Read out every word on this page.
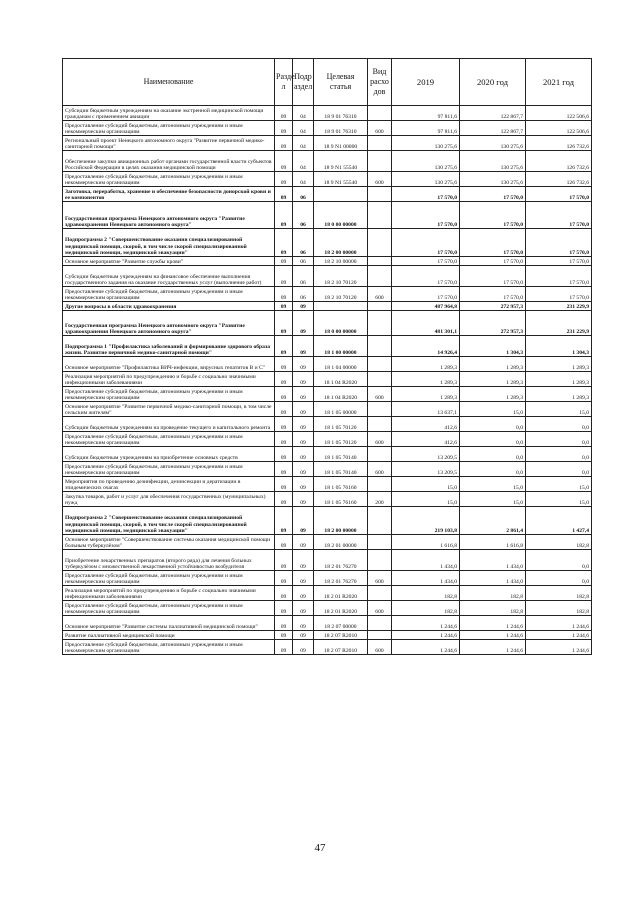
Наименование	Разде л	Подр аздел	Целевая статья	Вид расхо дов	2019	2020 год	2021 год
Субсидии бюджетным учреждениям на оказание экстренной медицинской помощи гражданам с применением авиации	09	04	18 9 01 76310		97 811,6	122 867,7	122 506,6
Предоставление субсидий бюджетным, автономным учреждениям и иным некоммерческим организациям	09	04	18 9 01 76310	600	97 811,6	122 867,7	122 506,6
Региональный проект Ненецкого автономного округа "Развитие первичной медико-санитарной помощи"	09	04	18 9 N1 00000		130 275,6	130 275,6	126 732,6
Обеспечение закупки авиационных работ органами государственной власти субъектов Российской Федерации в целях оказания медицинской помощи	09	04	18 9 N1 55540		130 275,6	130 275,6	126 732,6
Предоставление субсидий бюджетным, автономным учреждениям и иным некоммерческим организациям	09	04	18 9 N1 55540	600	130 275,6	130 275,6	126 732,6
Заготовка, переработка, хранение и обеспечение безопасности донорской крови и ее компонентов	09	06			17 570,0	17 570,0	17 570,0
Государственная программа Ненецкого автономного округа "Развитие здравоохранения Ненецкого автономного округа"	09	06	18 0 00 00000		17 570,0	17 570,0	17 570,0
Подпрограмма 2 "Совершенствование оказания специализированной медицинской помощи, скорой, в том числе скорой специализированной медицинской помощи, медицинской эвакуации"	09	06	18 2 00 00000		17 570,0	17 570,0	17 570,0
Основное мероприятие "Развитие службы крови"	09	06	18 2 10 00000		17 570,0	17 570,0	17 570,0
Субсидии бюджетным учреждениям на финансовое обеспечение выполнения государственного задания на оказание государственных услуг (выполнение работ)	09	06	18 2 10 70120		17 570,0	17 570,0	17 570,0
Предоставление субсидий бюджетным, автономным учреждениям и иным некоммерческим организациям	09	06	18 2 10 70120	600	17 570,0	17 570,0	17 570,0
Другие вопросы в области здравоохранения	09	09			487 964,8	272 957,3	231 229,9
Государственная программа Ненецкого автономного округа "Развитие здравоохранения Ненецкого автономного округа"	09	09	18 0 00 00000		481 301,1	272 957,3	231 229,9
Подпрограмма 1 "Профилактика заболеваний и формирование здорового образа жизни. Развитие первичной медико-санитарной помощи"	09	09	18 1 00 00000		14 926,4	1 304,3	1 304,3
Основное мероприятие "Профилактика ВИЧ-инфекции, вирусных гепатитов В и С"	09	09	18 1 04 00000		1 289,3	1 289,3	1 289,3
Реализация мероприятий по предупреждению и борьбе с социально значимыми инфекционными заболеваниями	09	09	18 1 04 R2020		1 289,3	1 289,3	1 289,3
Предоставление субсидий бюджетным, автономным учреждениям и иным некоммерческим организациям	09	09	18 1 04 R2020	600	1 289,3	1 289,3	1 289,3
Основное мероприятие "Развитие первичной медико-санитарной помощи, в том числе сельским жителям"	09	09	18 1 05 00000		13 637,1	15,0	15,0
Субсидии бюджетным учреждениям на проведение текущего и капитального ремонта	09	09	18 1 05 70120		412,6	0,0	0,0
Предоставление субсидий бюджетным, автономным учреждениям и иным некоммерческим организациям	09	09	18 1 05 70120	600	412,6	0,0	0,0
Субсидии бюджетным учреждениям на приобретение основных средств	09	09	18 1 05 70140		13 209,5	0,0	0,0
Предоставление субсидий бюджетным, автономным учреждениям и иным некоммерческим организациям	09	09	18 1 05 70140	600	13 209,5	0,0	0,0
Мероприятия по проведению дезинфекции, дезинсекции и дератизации в эпидемических очагах	09	09	18 1 05 76160		15,0	15,0	15,0
Закупка товаров, работ и услуг для обеспечения государственных (муниципальных) нужд	09	09	18 1 05 76160	200	15,0	15,0	15,0
Подпрограмма 2 "Совершенствование оказания специализированной медицинской помощи, скорой, в том числе скорой специализированной медицинской помощи, медицинской эвакуации"	09	09	18 2 00 00000		219 103,8	2 861,4	1 427,4
Основное мероприятие "Совершенствование системы оказания медицинской помощи больным туберкулёзом"	09	09	18 2 01 00000		1 616,8	1 616,8	182,8
Приобретение лекарственных препаратов (второго ряда) для лечения больных туберкулёзом с множественной лекарственной устойчивостью возбудителя	09	09	18 2 01 76270		1 434,0	1 434,0	0,0
Предоставление субсидий бюджетным, автономным учреждениям и иным некоммерческим организациям	09	09	18 2 01 76270	600	1 434,0	1 434,0	0,0
Реализация мероприятий по предупреждению и борьбе с социально значимыми инфекционными заболеваниями	09	09	18 2 01 R2020		182,8	182,8	182,8
Предоставление субсидий бюджетным, автономным учреждениям и иным некоммерческим организациям	09	09	18 2 01 R2020	600	182,8	182,8	182,8
Основное мероприятие "Развитие системы паллиативной медицинской помощи"	09	09	18 2 07 00000		1 244,6	1 244,6	1 244,6
Развитие паллиативной медицинской помощи	09	09	18 2 07 R2010		1 244,6	1 244,6	1 244,6
Предоставление субсидий бюджетным, автономным учреждениям и иным некоммерческим организациям	09	09	18 2 07 R2010	600	1 244,6	1 244,6	1 244,6
47
